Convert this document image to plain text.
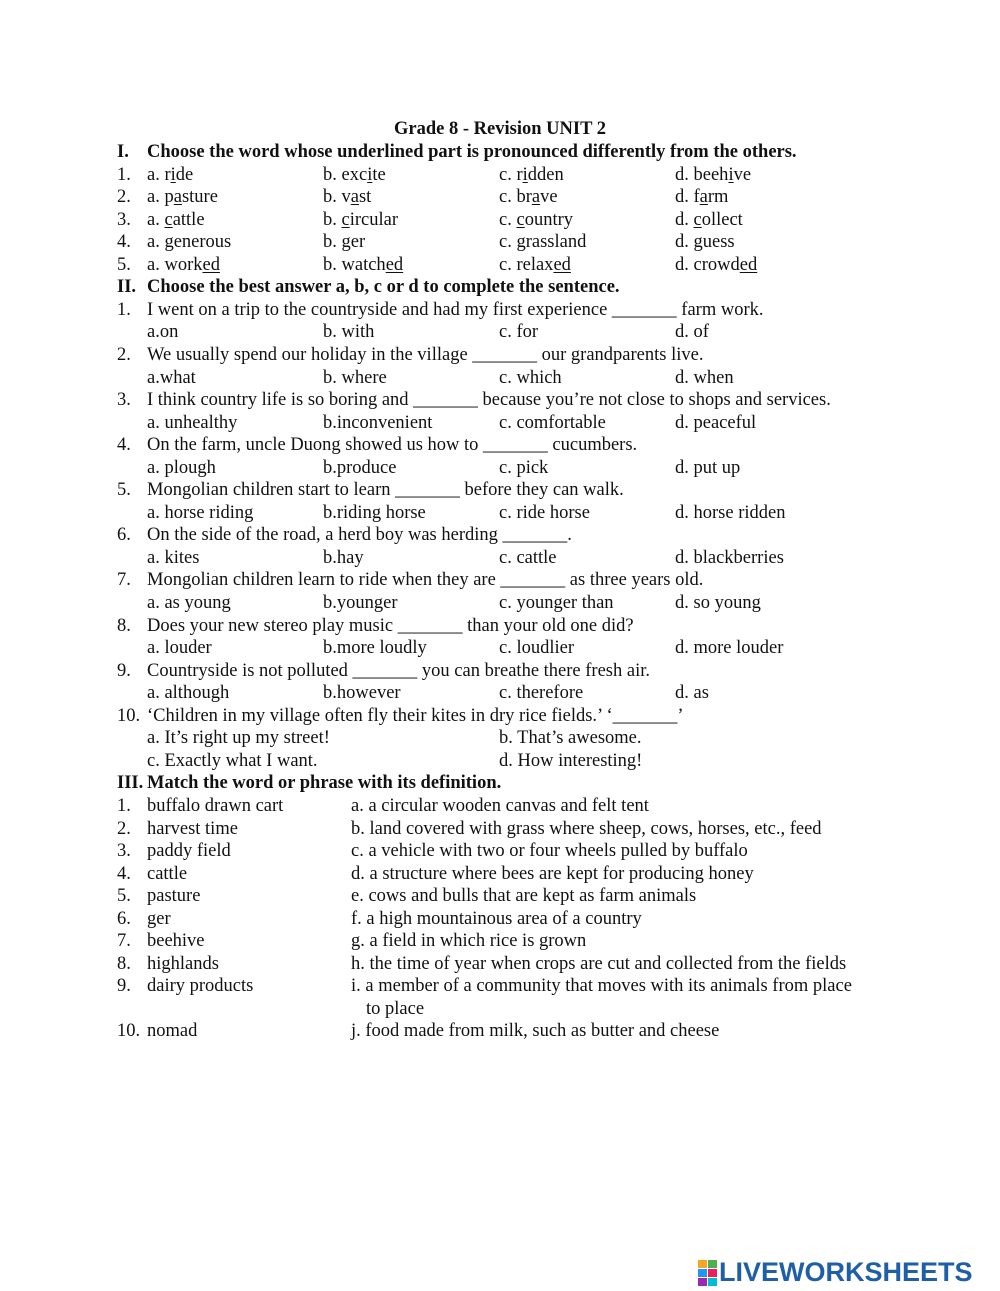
Grade 8 - Revision UNIT 2
I. Choose the word whose underlined part is pronounced differently from the others.
1. a. ride	b. excite	c. ridden	d. beehive
2. a. pasture	b. vast	c. brave	d. farm
3. a. cattle	b. circular	c. country	d. collect
4. a. generous	b. ger	c. grassland	d. guess
5. a. worked	b. watched	c. relaxed	d. crowded
II. Choose the best answer a, b, c or d to complete the sentence.
1. I went on a trip to the countryside and had my first experience _______ farm work.
a.on	b. with	c. for	d. of
2. We usually spend our holiday in the village _______ our grandparents live.
a.what	b. where	c. which	d. when
3. I think country life is so boring and _______ because you’re not close to shops and services.
a. unhealthy	b.inconvenient	c. comfortable	d. peaceful
4. On the farm, uncle Duong showed us how to _______ cucumbers.
a. plough	b.produce	c. pick	d. put up
5. Mongolian children start to learn _______ before they can walk.
a. horse riding	b.riding horse	c. ride horse	d. horse ridden
6. On the side of the road, a herd boy was herding _______.
a. kites	b.hay	c. cattle	d. blackberries
7. Mongolian children learn to ride when they are _______ as three years old.
a. as young	b.younger	c. younger than	d. so young
8. Does your new stereo play music _______ than your old one did?
a. louder	b.more loudly	c. loudlier	d. more louder
9. Countryside is not polluted _______ you can breathe there fresh air.
a. although	b.however	c. therefore	d. as
10. ‘Children in my village often fly their kites in dry rice fields.’ ‘_______’
a. It’s right up my street!	b. That’s awesome.
c. Exactly what I want.	d. How interesting!
III. Match the word or phrase with its definition.
1. buffalo drawn cart	a. a circular wooden canvas and felt tent
2. harvest time	b. land covered with grass where sheep, cows, horses, etc., feed
3. paddy field	c. a vehicle with two or four wheels pulled by buffalo
4. cattle	d. a structure where bees are kept for producing honey
5. pasture	e. cows and bulls that are kept as farm animals
6. ger	f. a high mountainous area of a country
7. beehive	g. a field in which rice is grown
8. highlands	h. the time of year when crops are cut and collected from the fields
9. dairy products	i. a member of a community that moves with its animals from place
to place
10. nomad	j. food made from milk, such as butter and cheese
LIVEWORKSHEETS
